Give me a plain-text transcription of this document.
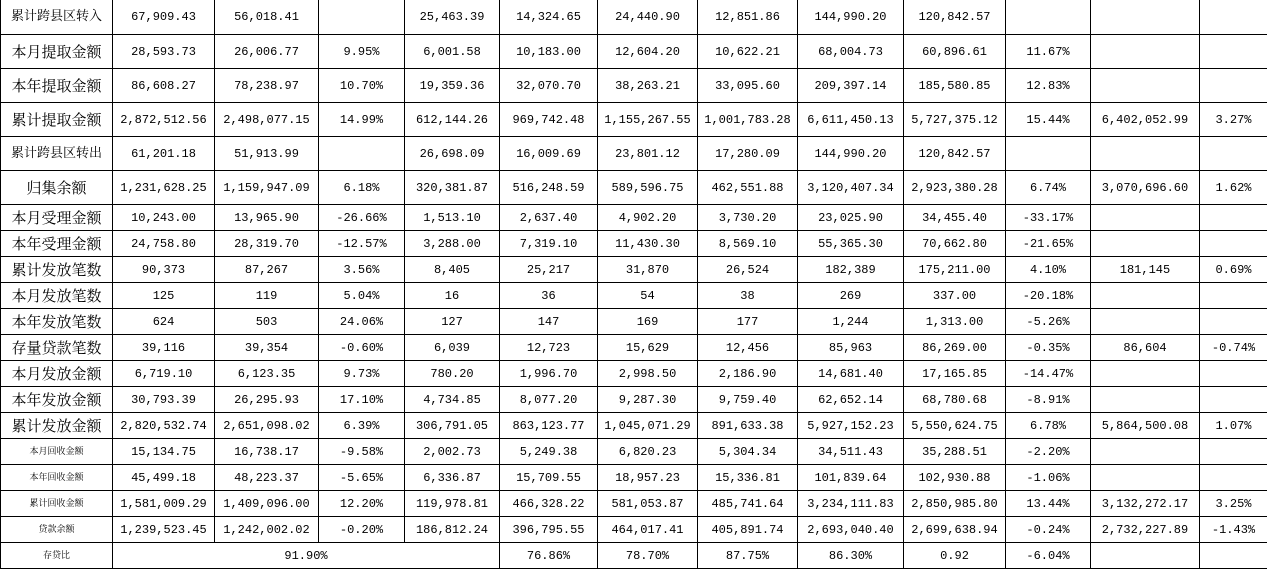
累计跨县区转入	67,909.43	56,018.41		25,463.39	14,324.65	24,440.90	12,851.86	144,990.20	120,842.57			
本月提取金额	28,593.73	26,006.77	9.95%	6,001.58	10,183.00	12,604.20	10,622.21	68,004.73	60,896.61	11.67%		
本年提取金额	86,608.27	78,238.97	10.70%	19,359.36	32,070.70	38,263.21	33,095.60	209,397.14	185,580.85	12.83%		
累计提取金额	2,872,512.56	2,498,077.15	14.99%	612,144.26	969,742.48	1,155,267.55	1,001,783.28	6,611,450.13	5,727,375.12	15.44%	6,402,052.99	3.27%
累计跨县区转出	61,201.18	51,913.99		26,698.09	16,009.69	23,801.12	17,280.09	144,990.20	120,842.57			
归集余额	1,231,628.25	1,159,947.09	6.18%	320,381.87	516,248.59	589,596.75	462,551.88	3,120,407.34	2,923,380.28	6.74%	3,070,696.60	1.62%
本月受理金额	10,243.00	13,965.90	-26.66%	1,513.10	2,637.40	4,902.20	3,730.20	23,025.90	34,455.40	-33.17%		
本年受理金额	24,758.80	28,319.70	-12.57%	3,288.00	7,319.10	11,430.30	8,569.10	55,365.30	70,662.80	-21.65%		
累计发放笔数	90,373	87,267	3.56%	8,405	25,217	31,870	26,524	182,389	175,211.00	4.10%	181,145	0.69%
本月发放笔数	125	119	5.04%	16	36	54	38	269	337.00	-20.18%		
本年发放笔数	624	503	24.06%	127	147	169	177	1,244	1,313.00	-5.26%		
存量贷款笔数	39,116	39,354	-0.60%	6,039	12,723	15,629	12,456	85,963	86,269.00	-0.35%	86,604	-0.74%
本月发放金额	6,719.10	6,123.35	9.73%	780.20	1,996.70	2,998.50	2,186.90	14,681.40	17,165.85	-14.47%		
本年发放金额	30,793.39	26,295.93	17.10%	4,734.85	8,077.20	9,287.30	9,759.40	62,652.14	68,780.68	-8.91%		
累计发放金额	2,820,532.74	2,651,098.02	6.39%	306,791.05	863,123.77	1,045,071.29	891,633.38	5,927,152.23	5,550,624.75	6.78%	5,864,500.08	1.07%
本月回收金额	15,134.75	16,738.17	-9.58%	2,002.73	5,249.38	6,820.23	5,304.34	34,511.43	35,288.51	-2.20%		
本年回收金额	45,499.18	48,223.37	-5.65%	6,336.87	15,709.55	18,957.23	15,336.81	101,839.64	102,930.88	-1.06%		
累计回收金额	1,581,009.29	1,409,096.00	12.20%	119,978.81	466,328.22	581,053.87	485,741.64	3,234,111.83	2,850,985.80	13.44%	3,132,272.17	3.25%
贷款余额	1,239,523.45	1,242,002.02	-0.20%	186,812.24	396,795.55	464,017.41	405,891.74	2,693,040.40	2,699,638.94	-0.24%	2,732,227.89	-1.43%
存贷比	91.90%				76.86%	78.70%	87.75%	86.30%	0.92	-6.04%		
